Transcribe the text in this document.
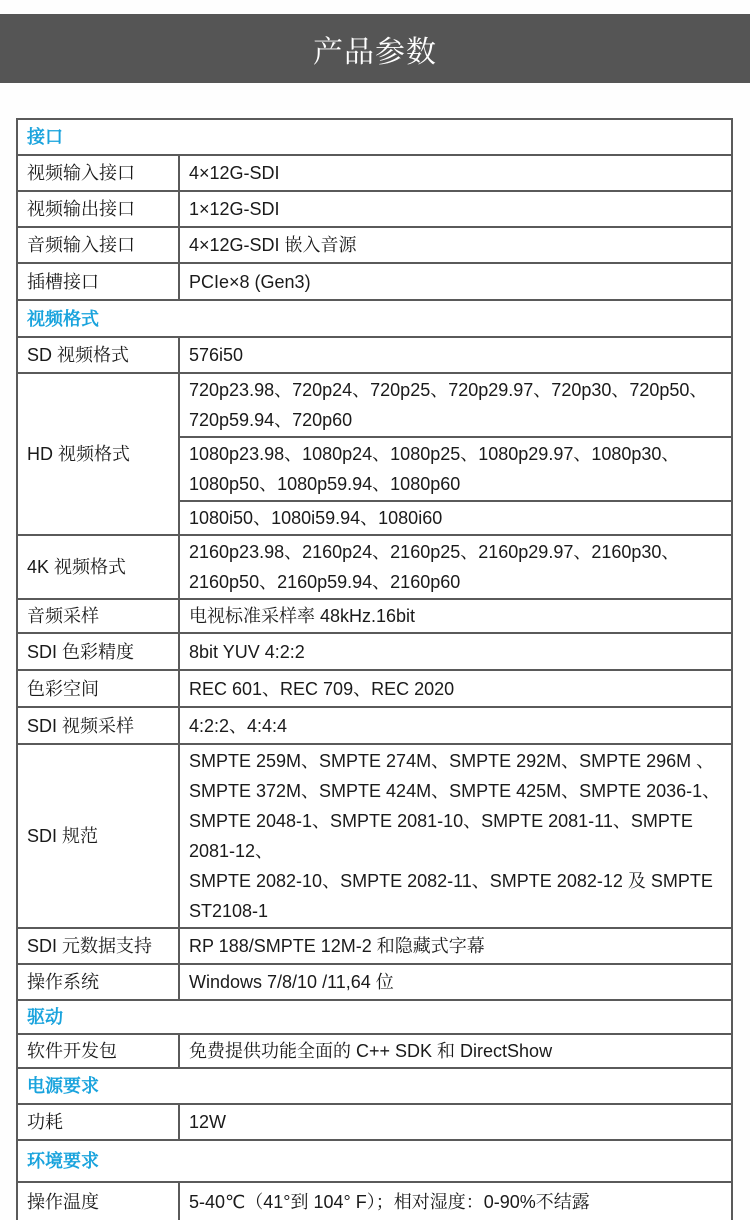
产品参数
接口	
视频输入接口	4×12G-SDI
视频输出接口	1×12G-SDI
音频输入接口	4×12G-SDI 嵌入音源
插槽接口	PCIe×8 (Gen3)
视频格式	
SD 视频格式	576i50
HD 视频格式	720p23.98、720p24、720p25、720p29.97、720p30、720p50、720p59.94、720p60
	1080p23.98、1080p24、1080p25、1080p29.97、1080p30、1080p50、1080p59.94、1080p60
	1080i50、1080i59.94、1080i60
4K 视频格式	2160p23.98、2160p24、2160p25、2160p29.97、2160p30、2160p50、2160p59.94、2160p60
音频采样	电视标准采样率 48kHz.16bit
SDI 色彩精度	8bit YUV 4:2:2
色彩空间	REC 601、REC 709、REC 2020
SDI 视频采样	4:2:2、4:4:4
SDI 规范	SMPTE 259M、SMPTE 274M、SMPTE 292M、SMPTE 296M 、SMPTE 372M、SMPTE 424M、SMPTE 425M、SMPTE 2036-1、SMPTE 2048-1、SMPTE 2081-10、SMPTE 2081-11、SMPTE 2081-12、
SMPTE 2082-10、SMPTE 2082-11、SMPTE 2082-12 及 SMPTE ST2108-1

SDI 元数据支持	RP 188/SMPTE 12M-2 和隐藏式字幕
操作系统	Windows 7/8/10 /11,64 位
驱动	
软件开发包	免费提供功能全面的 C++ SDK 和 DirectShow
电源要求	
功耗	12W
环境要求	
操作温度	5-40℃（41°到 104° F）；相对湿度：0-90%不结露
